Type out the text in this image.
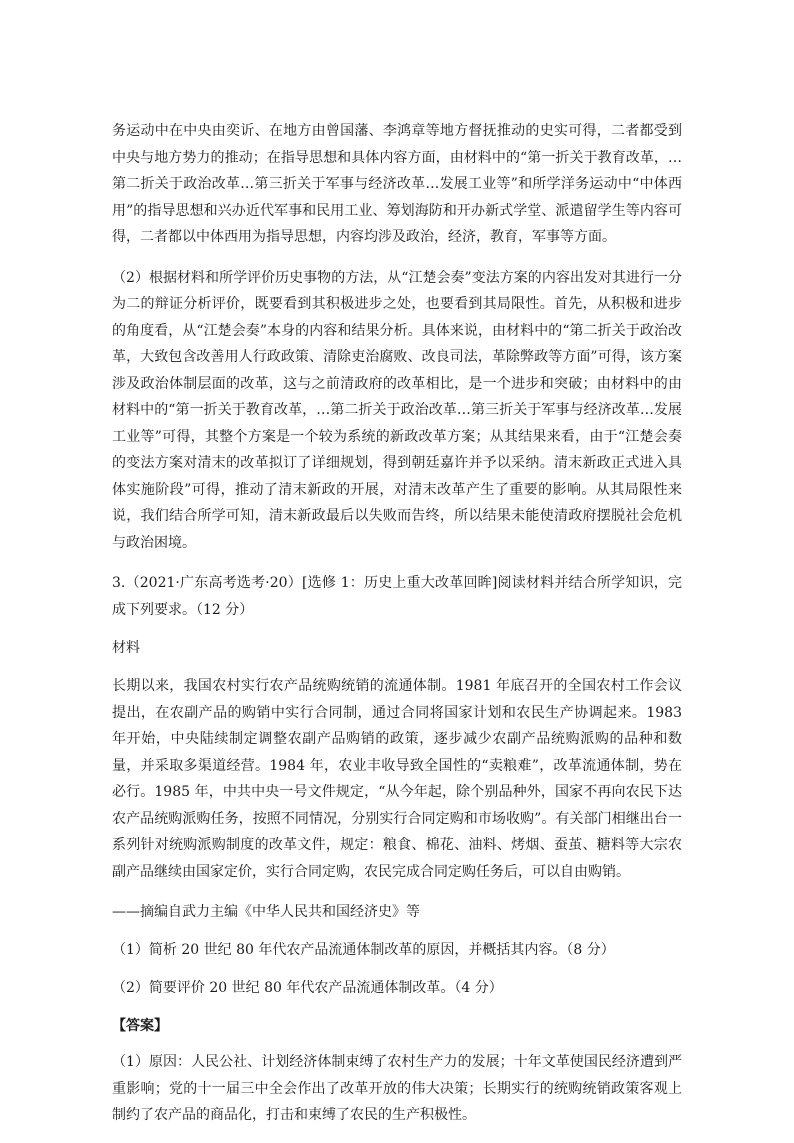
务运动中在中央由奕䜣、在地方由曾国藩、李鸿章等地方督抚推动的史实可得，二者都受到中央与地方势力的推动；在指导思想和具体内容方面，由材料中的“第一折关于教育改革，…第二折关于政治改革…第三折关于军事与经济改革…发展工业等”和所学洋务运动中“中体西用”的指导思想和兴办近代军事和民用工业、筹划海防和开办新式学堂、派遣留学生等内容可得，二者都以中体西用为指导思想，内容均涉及政治，经济，教育，军事等方面。

（2）根据材料和所学评价历史事物的方法，从“江楚会奏”变法方案的内容出发对其进行一分为二的辩证分析评价，既要看到其积极进步之处，也要看到其局限性。首先，从积极和进步的角度看，从“江楚会奏”本身的内容和结果分析。具体来说，由材料中的“第二折关于政治改革，大致包含改善用人行政政策、清除吏治腐败、改良司法，革除弊政等方面”可得，该方案涉及政治体制层面的改革，这与之前清政府的改革相比，是一个进步和突破；由材料中的由材料中的“第一折关于教育改革，…第二折关于政治改革…第三折关于军事与经济改革…发展工业等”可得，其整个方案是一个较为系统的新政改革方案；从其结果来看，由于“江楚会奏的变法方案对清末的改革拟订了详细规划，得到朝廷嘉许并予以采纳。清末新政正式进入具体实施阶段”可得，推动了清末新政的开展，对清末改革产生了重要的影响。从其局限性来说，我们结合所学可知，清末新政最后以失败而告终，所以结果未能使清政府摆脱社会危机与政治困境。

3.（2021·广东高考选考·20）[选修 1：历史上重大改革回眸]阅读材料并结合所学知识，完成下列要求。（12 分）

材料

长期以来，我国农村实行农产品统购统销的流通体制。1981 年底召开的全国农村工作会议提出，在农副产品的购销中实行合同制，通过合同将国家计划和农民生产协调起来。1983 年开始，中央陆续制定调整农副产品购销的政策，逐步减少农副产品统购派购的品种和数量，并采取多渠道经营。1984 年，农业丰收导致全国性的“卖粮难”，改革流通体制，势在必行。1985 年，中共中央一号文件规定，“从今年起，除个别品种外，国家不再向农民下达农产品统购派购任务，按照不同情况，分别实行合同定购和市场收购”。有关部门相继出台一系列针对统购派购制度的改革文件，规定：粮食、棉花、油料、烤烟、蚕茧、糖料等大宗农副产品继续由国家定价，实行合同定购，农民完成合同定购任务后，可以自由购销。

——摘编自武力主编《中华人民共和国经济史》等

（1）简析 20 世纪 80 年代农产品流通体制改革的原因，并概括其内容。（8 分）

（2）简要评价 20 世纪 80 年代农产品流通体制改革。（4 分）

【答案】

（1）原因：人民公社、计划经济体制束缚了农村生产力的发展；十年文革使国民经济遭到严重影响；党的十一届三中全会作出了改革开放的伟大决策；长期实行的统购统销政策客观上制约了农产品的商品化，打击和束缚了农民的生产积极性。
